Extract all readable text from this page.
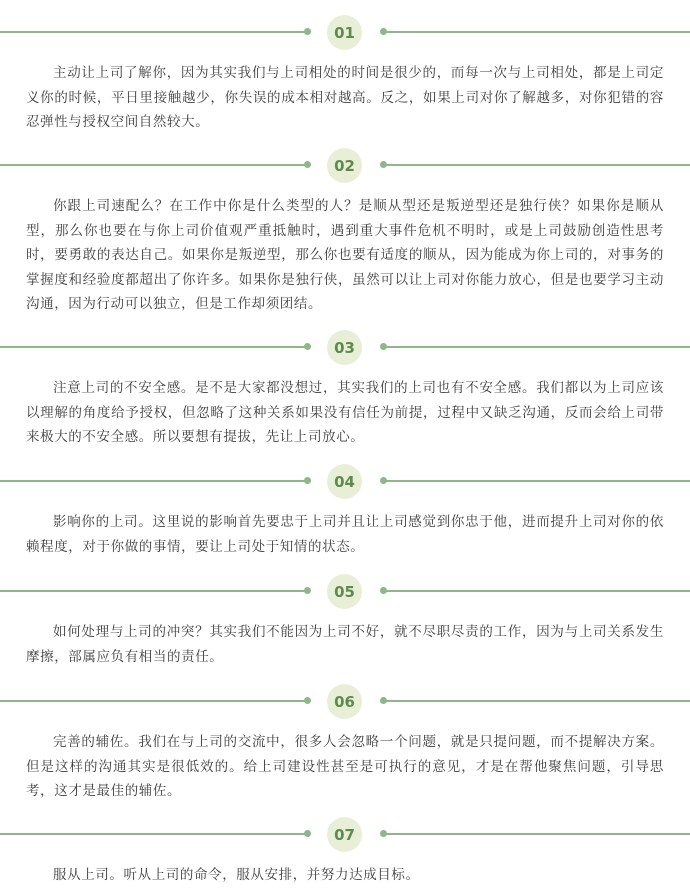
01

主动让上司了解你，因为其实我们与上司相处的时间是很少的，而每一次与上司相处，都是上司定义你的时候，平日里接触越少，你失误的成本相对越高。反之，如果上司对你了解越多，对你犯错的容忍弹性与授权空间自然较大。

02

你跟上司速配么？在工作中你是什么类型的人？是顺从型还是叛逆型还是独行侠？如果你是顺从型，那么你也要在与你上司价值观严重抵触时，遇到重大事件危机不明时，或是上司鼓励创造性思考时，要勇敢的表达自己。如果你是叛逆型，那么你也要有适度的顺从，因为能成为你上司的，对事务的掌握度和经验度都超出了你许多。如果你是独行侠，虽然可以让上司对你能力放心，但是也要学习主动沟通，因为行动可以独立，但是工作却须团结。

03

注意上司的不安全感。是不是大家都没想过，其实我们的上司也有不安全感。我们都以为上司应该以理解的角度给予授权，但忽略了这种关系如果没有信任为前提，过程中又缺乏沟通，反而会给上司带来极大的不安全感。所以要想有提拔，先让上司放心。

04

影响你的上司。这里说的影响首先要忠于上司并且让上司感觉到你忠于他，进而提升上司对你的依赖程度，对于你做的事情，要让上司处于知情的状态。

05

如何处理与上司的冲突？其实我们不能因为上司不好，就不尽职尽责的工作，因为与上司关系发生摩擦，部属应负有相当的责任。

06

完善的辅佐。我们在与上司的交流中，很多人会忽略一个问题，就是只提问题，而不提解决方案。但是这样的沟通其实是很低效的。给上司建设性甚至是可执行的意见，才是在帮他聚焦问题，引导思考，这才是最佳的辅佐。

07

服从上司。听从上司的命令，服从安排，并努力达成目标。
